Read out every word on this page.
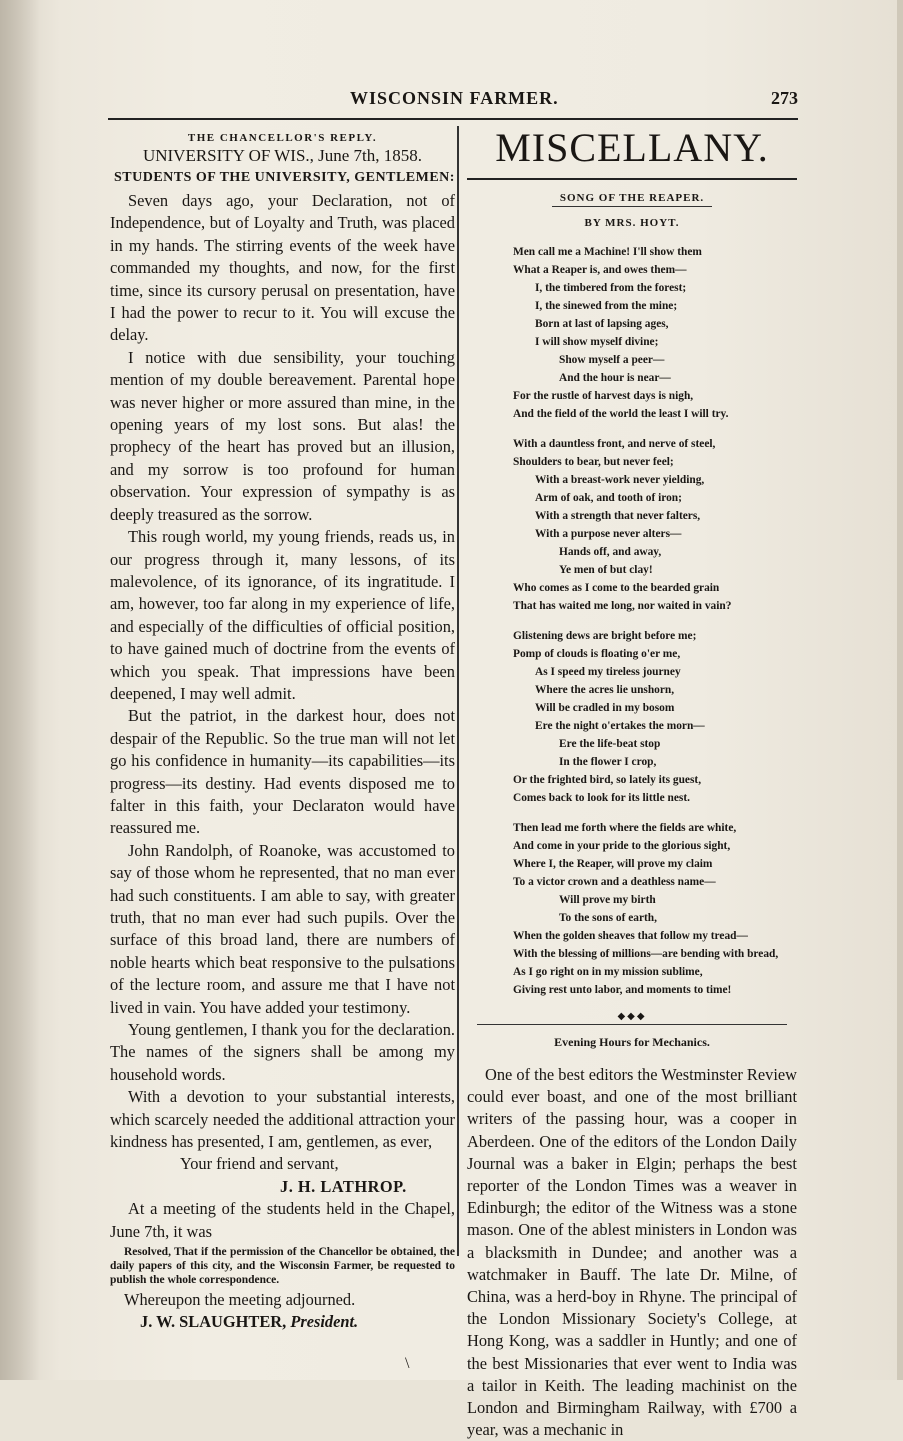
WISCONSIN FARMER.	273
THE CHANCELLOR'S REPLY.
UNIVERSITY OF WIS., June 7th, 1858.
STUDENTS OF THE UNIVERSITY, GENTLEMEN:

Seven days ago, your Declaration, not of Independence, but of Loyalty and Truth, was placed in my hands. The stirring events of the week have commanded my thoughts, and now, for the first time, since its cursory perusal on presentation, have I had the power to recur to it. You will excuse the delay.

I notice with due sensibility, your touching mention of my double bereavement. Parental hope was never higher or more assured than mine, in the opening years of my lost sons. But alas! the prophecy of the heart has proved but an illusion, and my sorrow is too profound for human observation. Your expression of sympathy is as deeply treasured as the sorrow.

This rough world, my young friends, reads us, in our progress through it, many lessons, of its malevolence, of its ignorance, of its ingratitude. I am, however, too far along in my experience of life, and especially of the difficulties of official position, to have gained much of doctrine from the events of which you speak. That impressions have been deepened, I may well admit.

But the patriot, in the darkest hour, does not despair of the Republic. So the true man will not let go his confidence in humanity—its capabilities—its progress—its destiny. Had events disposed me to falter in this faith, your Declaraton would have reassured me.

John Randolph, of Roanoke, was accustomed to say of those whom he represented, that no man ever had such constituents. I am able to say, with greater truth, that no man ever had such pupils. Over the surface of this broad land, there are numbers of noble hearts which beat responsive to the pulsations of the lecture room, and assure me that I have not lived in vain. You have added your testimony.

Young gentlemen, I thank you for the declaration. The names of the signers shall be among my household words.

With a devotion to your substantial interests, which scarcely needed the additional attraction your kindness has presented, I am, gentlemen, as ever,

Your friend and servant,
J. H. LATHROP.

At a meeting of the students held in the Chapel, June 7th, it was

Resolved, That if the permission of the Chancellor be obtained, the daily papers of this city, and the Wisconsin Farmer, be requested to publish the whole correspondence.

Whereupon the meeting adjourned.
J. W. SLAUGHTER, President.
MISCELLANY.
SONG OF THE REAPER.
BY MRS. HOYT.
Men call me a Machine! I'll show them
What a Reaper is, and owes them—
I, the timbered from the forest;
I, the sinewed from the mine;
Born at last of lapsing ages,
I will show myself divine;
Show myself a peer—
And the hour is near—
For the rustle of harvest days is nigh,
And the field of the world the least I will try.
With a dauntless front, and nerve of steel,
Shoulders to bear, but never feel;
With a breast-work never yielding,
Arm of oak, and tooth of iron;
With a strength that never falters,
With a purpose never alters—
Hands off, and away,
Ye men of but clay!
Who comes as I come to the bearded grain
That has waited me long, nor waited in vain?
Glistening dews are bright before me;
Pomp of clouds is floating o'er me,
As I speed my tireless journey
Where the acres lie unshorn,
Will be cradled in my bosom
Ere the night o'ertakes the morn—
Ere the life-beat stop
In the flower I crop,
Or the frighted bird, so lately its guest,
Comes back to look for its little nest.
Then lead me forth where the fields are white,
And come in your pride to the glorious sight,
Where I, the Reaper, will prove my claim
To a victor crown and a deathless name—
Will prove my birth
To the sons of earth,
When the golden sheaves that follow my tread—
With the blessing of millions—are bending with bread,
As I go right on in my mission sublime,
Giving rest unto labor, and moments to time!
◆◆◆
Evening Hours for Mechanics.

One of the best editors the Westminster Review could ever boast, and one of the most brilliant writers of the passing hour, was a cooper in Aberdeen. One of the editors of the London Daily Journal was a baker in Elgin; perhaps the best reporter of the London Times was a weaver in Edinburgh; the editor of the Witness was a stone mason. One of the ablest ministers in London was a blacksmith in Dundee; and another was a watchmaker in Bauff. The late Dr. Milne, of China, was a herd-boy in Rhyne. The principal of the London Missionary Society's College, at Hong Kong, was a saddler in Huntly; and one of the best Missionaries that ever went to India was a tailor in Keith. The leading machinist on the London and Birmingham Railway, with £700 a year, was a mechanic in

\
